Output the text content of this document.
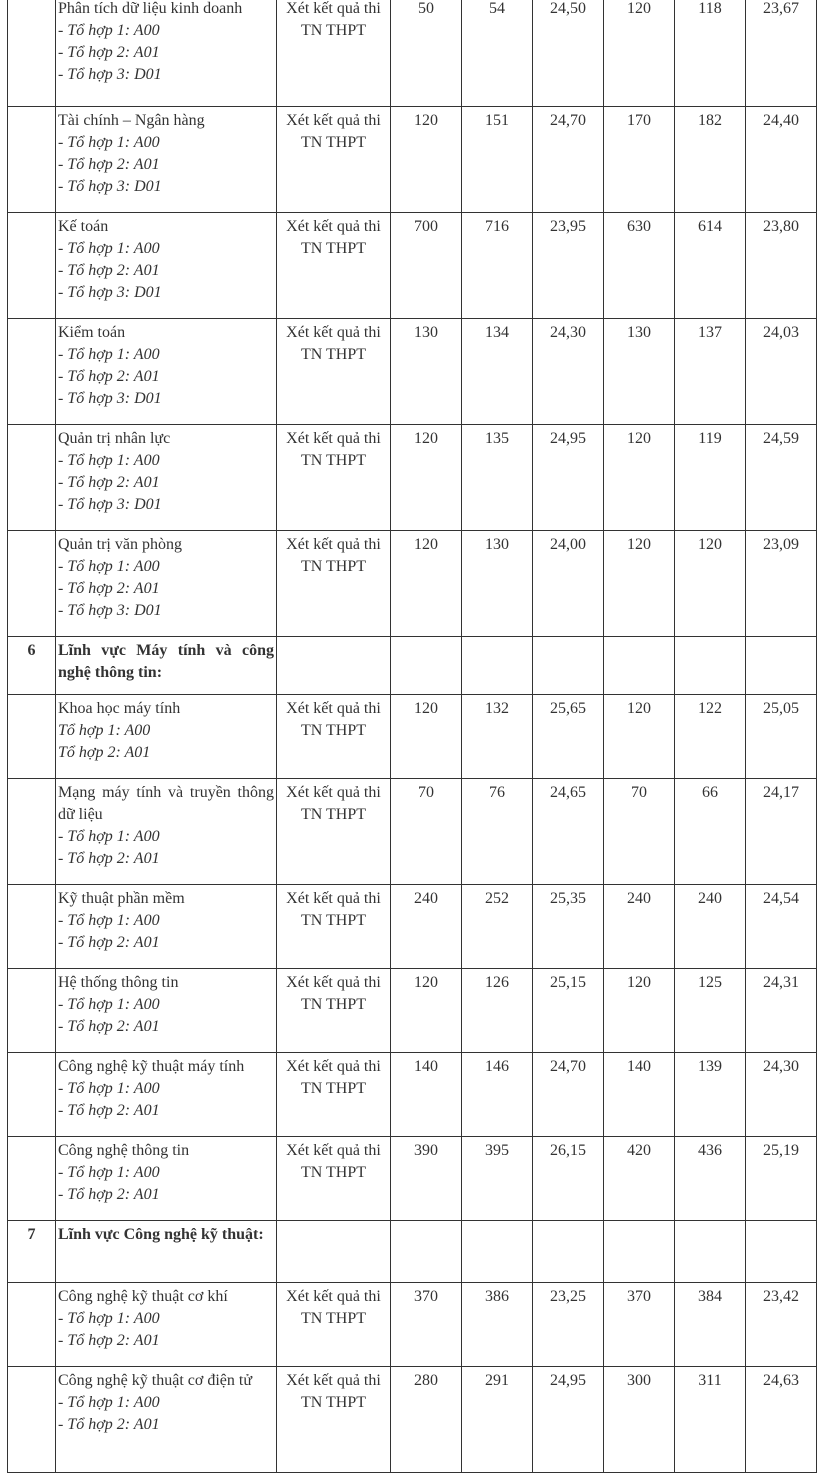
	Phân tích dữ liệu kinh doanh
- Tổ hợp 1: A00
- Tổ hợp 2: A01
- Tổ hợp 3: D01	Xét kết quả thi TN THPT	50	54	24,50	120	118	23,67

	Tài chính – Ngân hàng
- Tổ hợp 1: A00
- Tổ hợp 2: A01
- Tổ hợp 3: D01	Xét kết quả thi TN THPT	120	151	24,70	170	182	24,40

	Kế toán
- Tổ hợp 1: A00
- Tổ hợp 2: A01
- Tổ hợp 3: D01	Xét kết quả thi TN THPT	700	716	23,95	630	614	23,80

	Kiểm toán
- Tổ hợp 1: A00
- Tổ hợp 2: A01
- Tổ hợp 3: D01	Xét kết quả thi TN THPT	130	134	24,30	130	137	24,03

	Quản trị nhân lực
- Tổ hợp 1: A00
- Tổ hợp 2: A01
- Tổ hợp 3: D01	Xét kết quả thi TN THPT	120	135	24,95	120	119	24,59

	Quản trị văn phòng
- Tổ hợp 1: A00
- Tổ hợp 2: A01
- Tổ hợp 3: D01	Xét kết quả thi TN THPT	120	130	24,00	120	120	23,09
6	Lĩnh vực Máy tính và công nghệ thông tin:							

	Khoa học máy tính
Tổ hợp 1: A00
Tổ hợp 2: A01	Xét kết quả thi TN THPT	120	132	25,65	120	122	25,05

	Mạng máy tính và truyền thông dữ liệu
- Tổ hợp 1: A00
- Tổ hợp 2: A01	Xét kết quả thi TN THPT	70	76	24,65	70	66	24,17

	Kỹ thuật phần mềm
- Tổ hợp 1: A00
- Tổ hợp 2: A01	Xét kết quả thi TN THPT	240	252	25,35	240	240	24,54

	Hệ thống thông tin
- Tổ hợp 1: A00
- Tổ hợp 2: A01	Xét kết quả thi TN THPT	120	126	25,15	120	125	24,31

	Công nghệ kỹ thuật máy tính
- Tổ hợp 1: A00
- Tổ hợp 2: A01	Xét kết quả thi TN THPT	140	146	24,70	140	139	24,30

	Công nghệ thông tin
- Tổ hợp 1: A00
- Tổ hợp 2: A01	Xét kết quả thi TN THPT	390	395	26,15	420	436	25,19
7	Lĩnh vực Công nghệ kỹ thuật:							

	Công nghệ kỹ thuật cơ khí
- Tổ hợp 1: A00
- Tổ hợp 2: A01	Xét kết quả thi TN THPT	370	386	23,25	370	384	23,42

	Công nghệ kỹ thuật cơ điện tử
- Tổ hợp 1: A00
- Tổ hợp 2: A01	Xét kết quả thi TN THPT	280	291	24,95	300	311	24,63
